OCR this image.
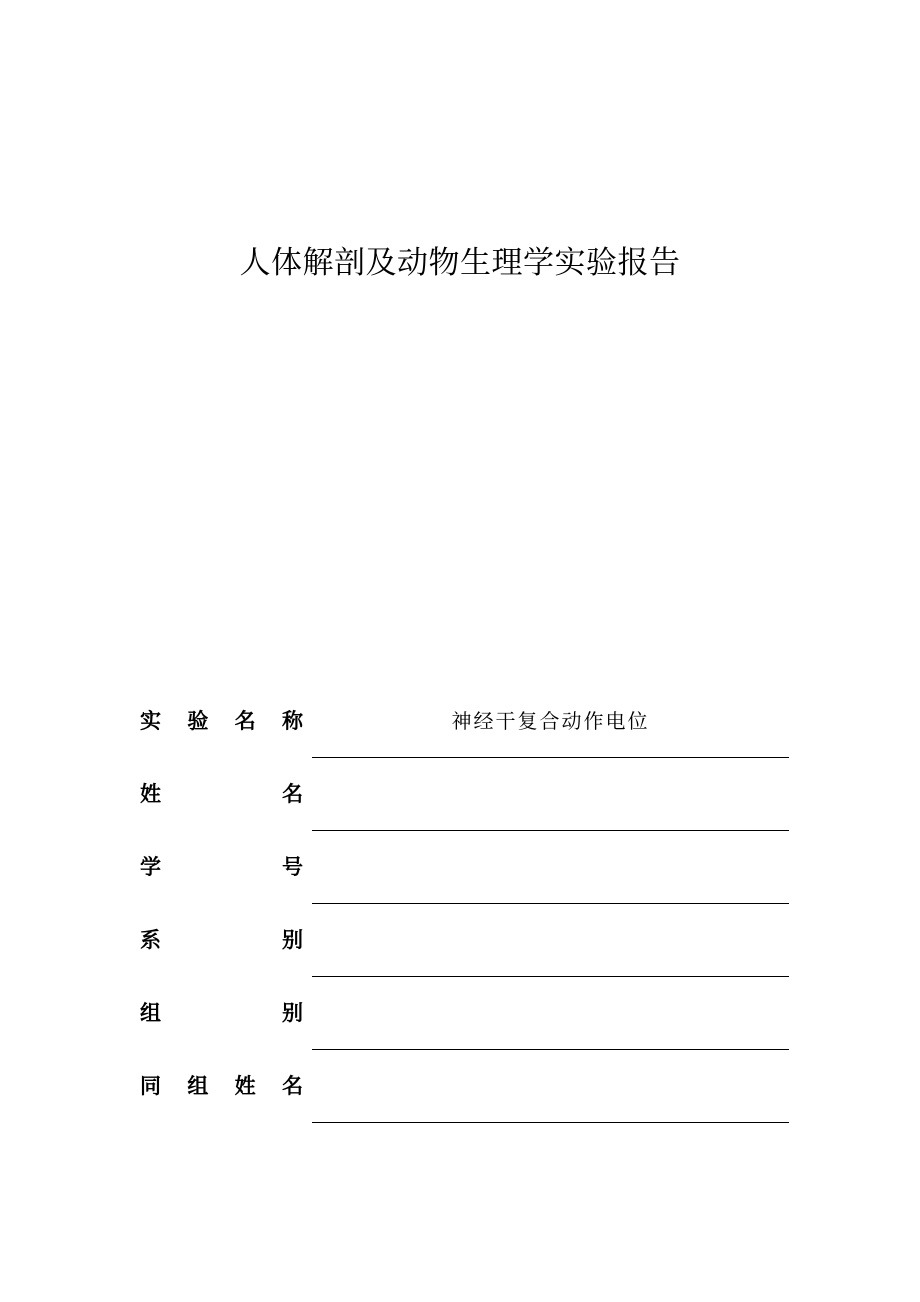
人体解剖及动物生理学实验报告
实 验 名 称	神经干复合动作电位
姓	名
学	号
系	别
组	别
同 组 姓 名
